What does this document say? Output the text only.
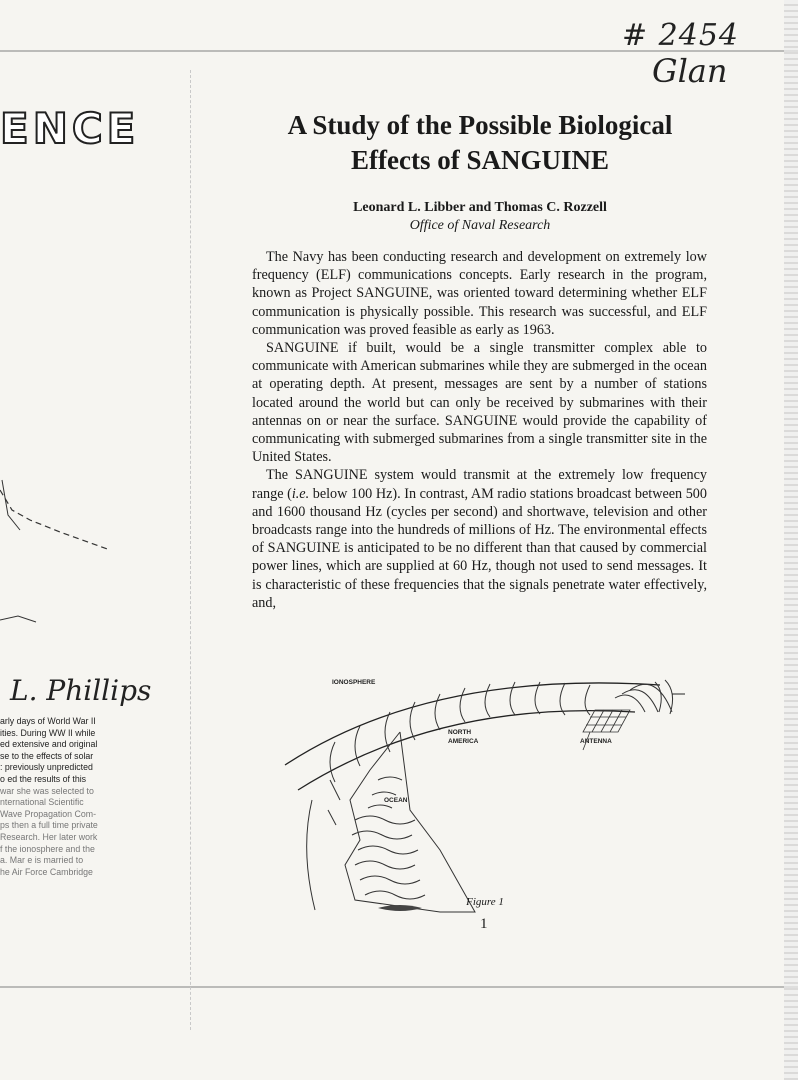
# 2454
Glan
ENCE
L. Phillips
arly days of World War II
ities. During WW II while
ed extensive and original
se to the effects of solar
: previously unpredicted
o ed the results of this
war she was selected to
nternational Scientific
Wave Propagation Com-
ps then a full time private
Research. Her later work
f the ionosphere and the
a. Mar e is married to
he Air Force Cambridge
A Study of the Possible Biological
Effects of SANGUINE
Leonard L. Libber and Thomas C. Rozzell
Office of Naval Research

The Navy has been conducting research and development on extremely low frequency (ELF) communications concepts. Early research in the program, known as Project SANGUINE, was oriented toward determining whether ELF communication is physically possible. This research was successful, and ELF communication was proved feasible as early as 1963.

SANGUINE if built, would be a single transmitter complex able to communicate with American submarines while they are submerged in the ocean at operating depth. At present, messages are sent by a number of stations located around the world but can only be received by submarines with their antennas on or near the surface. SANGUINE would provide the capability of communicating with submerged submarines from a single transmitter site in the United States.

The SANGUINE system would transmit at the extremely low frequency range (i.e. below 100 Hz). In contrast, AM radio stations broadcast between 500 and 1600 thousand Hz (cycles per second) and shortwave, television and other broadcasts range into the hundreds of millions of Hz. The environmental effects of SANGUINE is anticipated to be no different than that caused by commercial power lines, which are supplied at 60 Hz, though not used to send messages. It is characteristic of these frequencies that the signals penetrate water effectively, and,

IONOSPHERE
NORTH
AMERICA	ANTENNA
OCEAN
Figure 1
1
